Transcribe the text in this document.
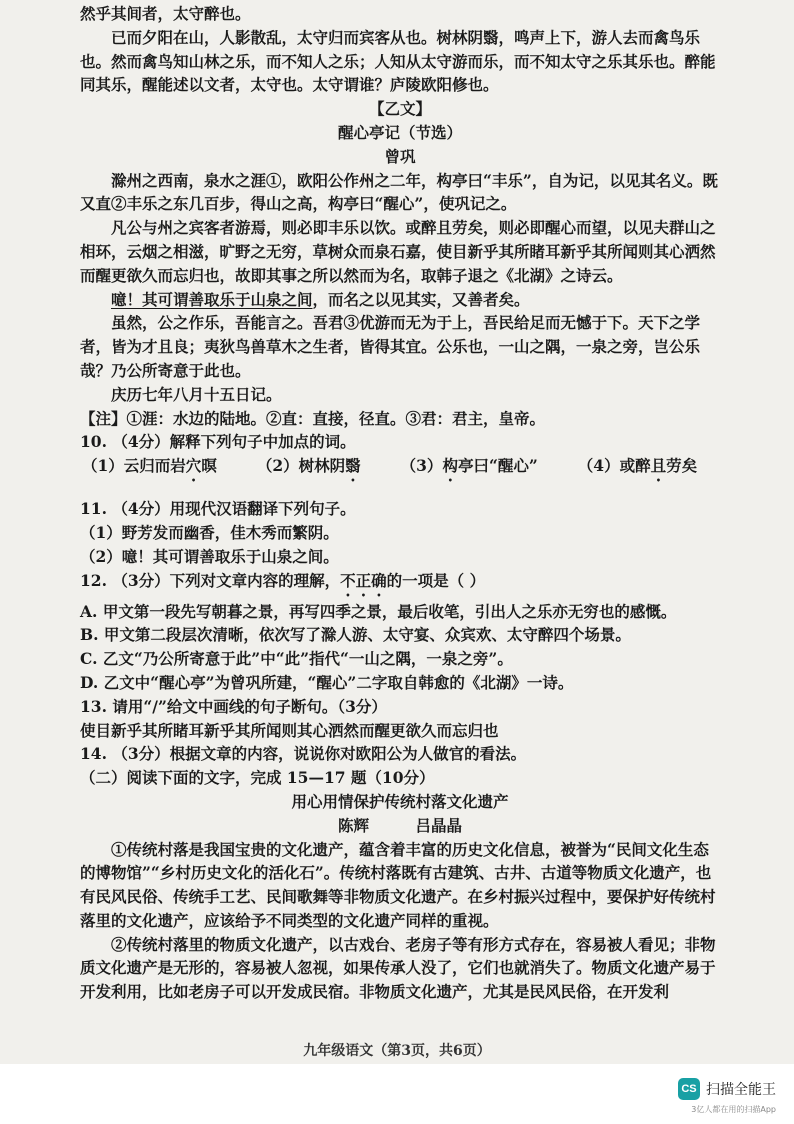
然乎其间者，太守醉也。

已而夕阳在山，人影散乱，太守归而宾客从也。树林阴翳，鸣声上下，游人去而禽鸟乐也。然而禽鸟知山林之乐，而不知人之乐；人知从太守游而乐，而不知太守之乐其乐也。醉能同其乐，醒能述以文者，太守也。太守谓谁？庐陵欧阳修也。

【乙文】

醒心亭记（节选）

曾巩

滁州之西南，泉水之涯①，欧阳公作州之二年，构亭曰“丰乐”，自为记，以见其名义。既又直②丰乐之东几百步，得山之高，构亭曰“醒心”，使巩记之。

凡公与州之宾客者游焉，则必即丰乐以饮。或醉且劳矣，则必即醒心而望，以见夫群山之相环，云烟之相滋，旷野之无穷，草树众而泉石嘉，使目新乎其所睹耳新乎其所闻则其心洒然而醒更欲久而忘归也，故即其事之所以然而为名，取韩子退之《北湖》之诗云。

噫！其可谓善取乐于山泉之间，而名之以见其实，又善者矣。

虽然，公之作乐，吾能言之。吾君③优游而无为于上，吾民给足而无憾于下。天下之学者，皆为才且良；夷狄鸟兽草木之生者，皆得其宜。公乐也，一山之隅，一泉之旁，岂公乐哉？乃公所寄意于此也。

庆历七年八月十五日记。

【注】①涯：水边的陆地。②直：直接，径直。③君：君主，皇帝。

10. （4分）解释下列句子中加点的词。

（1）云归而岩穴暝	（2）树林阴翳	（3）构亭曰“醒心”	（4）或醉且劳矣

11. （4分）用现代汉语翻译下列句子。

（1）野芳发而幽香，佳木秀而繁阴。

（2）噫！其可谓善取乐于山泉之间。

12. （3分）下列对文章内容的理解，不正确的一项是（ ）

A. 甲文第一段先写朝暮之景，再写四季之景，最后收笔，引出人之乐亦无穷也的感慨。

B. 甲文第二段层次清晰，依次写了滁人游、太守宴、众宾欢、太守醉四个场景。

C. 乙文“乃公所寄意于此”中“此”指代“一山之隅，一泉之旁”。

D. 乙文中“醒心亭”为曾巩所建，“醒心”二字取自韩愈的《北湖》一诗。

13. 请用“/”给文中画线的句子断句。（3分）

使目新乎其所睹耳新乎其所闻则其心洒然而醒更欲久而忘归也

14. （3分）根据文章的内容，说说你对欧阳公为人做官的看法。

（二）阅读下面的文字，完成 15—17 题（10分）

用心用情保护传统村落文化遗产

陈辉　　　吕晶晶

①传统村落是我国宝贵的文化遗产，蕴含着丰富的历史文化信息，被誉为“民间文化生态的博物馆”“乡村历史文化的活化石”。传统村落既有古建筑、古井、古道等物质文化遗产，也有民风民俗、传统手工艺、民间歌舞等非物质文化遗产。在乡村振兴过程中，要保护好传统村落里的文化遗产，应该给予不同类型的文化遗产同样的重视。

②传统村落里的物质文化遗产，以古戏台、老房子等有形方式存在，容易被人看见；非物质文化遗产是无形的，容易被人忽视，如果传承人没了，它们也就消失了。物质文化遗产易于开发利用，比如老房子可以开发成民宿。非物质文化遗产，尤其是民风民俗，在开发利

九年级语文（第3页，共6页）
CS 扫描全能王
3亿人都在用的扫描App
